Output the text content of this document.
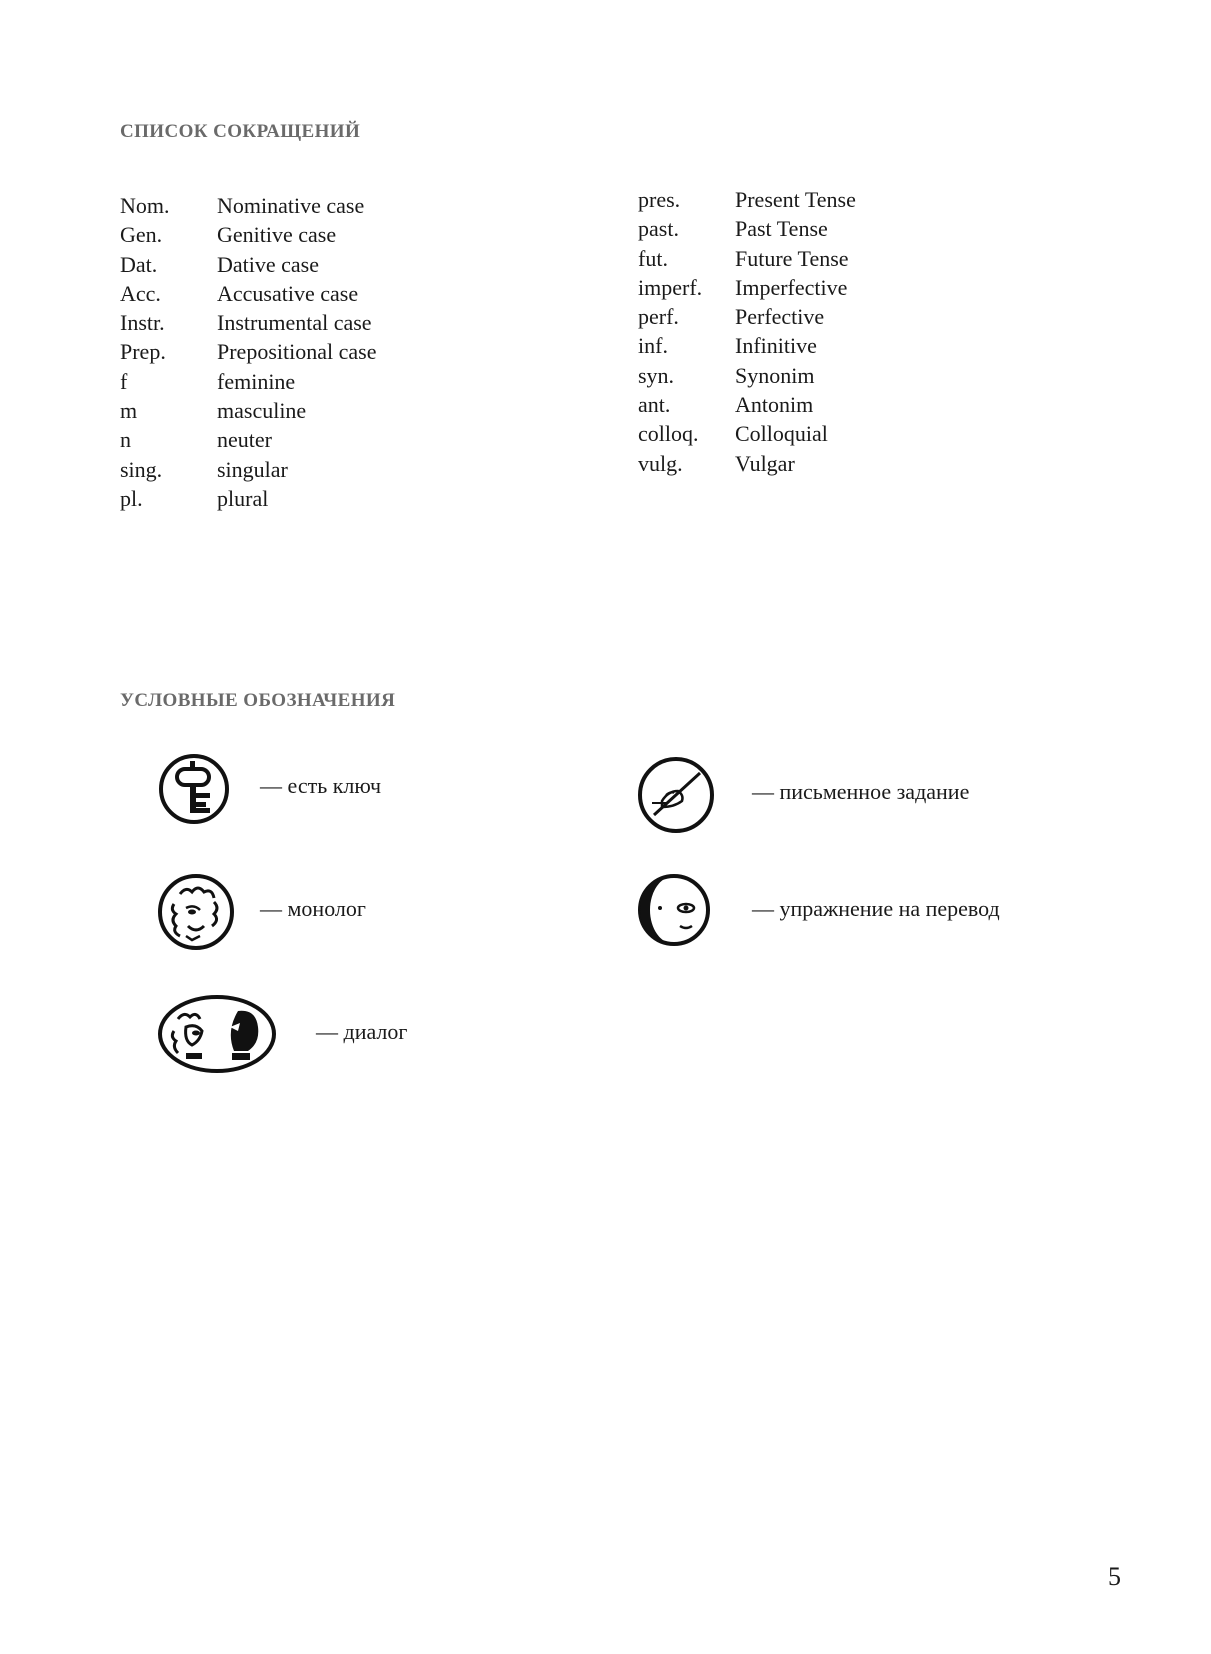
СПИСОК СОКРАЩЕНИЙ
УСЛОВНЫЕ ОБОЗНАЧЕНИЯ
Nom. Nominative case
Gen. Genitive case
Dat.	Dative case
Acc.	Accusative case
Instr. Instrumental case
Prep. Prepositional case
f	feminine
m	masculine
n	neuter
sing. singular
pl.	plural
pres. Present Tense
past.	Past Tense
fut.	Future Tense
imperf. Imperfective
perf.	Perfective
inf.	Infinitive
syn.	Synonim
ant.	Antonim
colloq. Colloquial
vulg. Vulgar
— есть ключ
— монолог
— диалог
— письменное задание
— упражнение на перевод
5
